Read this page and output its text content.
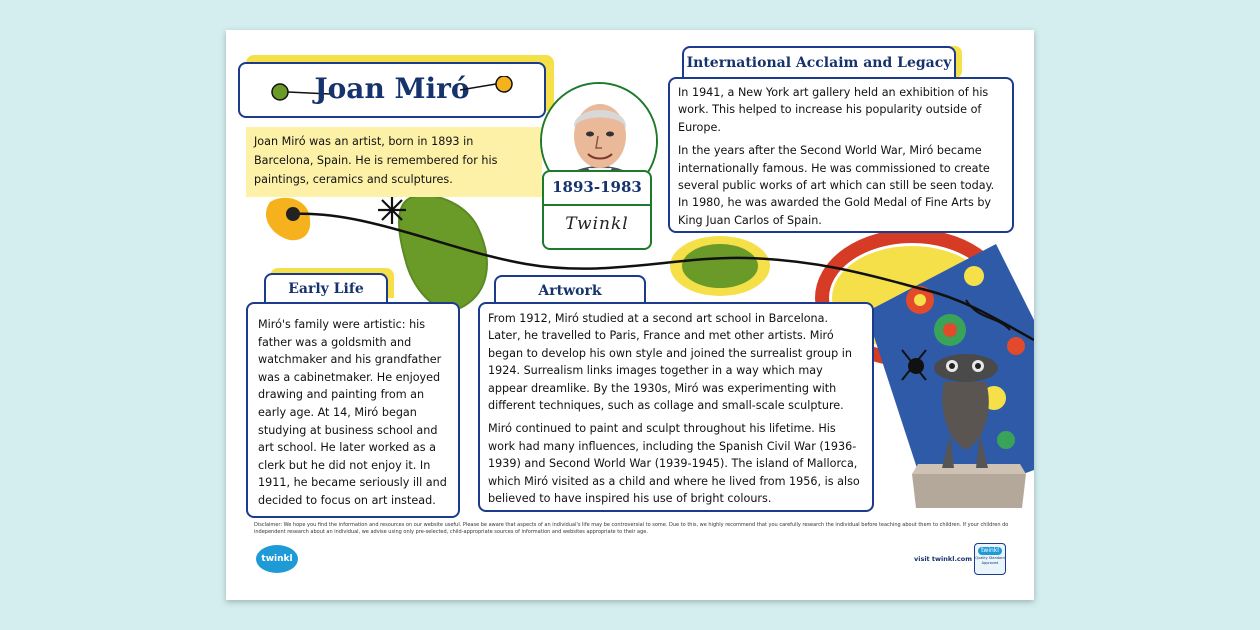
Joan Miró
Joan Miró was an artist, born in 1893 in Barcelona, Spain. He is remembered for his paintings, ceramics and sculptures.	1893-1983
Twinkl
International Acclaim and Legacy

In 1941, a New York art gallery held an exhibition of his work. This helped to increase his popularity outside of Europe.

In the years after the Second World War, Miró became internationally famous. He was commissioned to create several public works of art which can still be seen today. In 1980, he was awarded the Gold Medal of Fine Arts by King Juan Carlos of Spain.

Early Life
Miró's family were artistic: his father was a goldsmith and watchmaker and his grandfather was a cabinetmaker. He enjoyed drawing and painting from an early age. At 14, Miró began studying at business school and art school. He later worked as a clerk but he did not enjoy it. In 1911, he became seriously ill and decided to focus on art instead.
Artwork

From 1912, Miró studied at a second art school in Barcelona. Later, he travelled to Paris, France and met other artists. Miró began to develop his own style and joined the surrealist group in 1924. Surrealism links images together in a way which may appear dreamlike. By the 1930s, Miró was experimenting with different techniques, such as collage and small-scale sculpture.

Miró continued to paint and sculpt throughout his lifetime. His work had many influences, including the Spanish Civil War (1936-1939) and Second World War (1939-1945). The island of Mallorca, which Miró visited as a child and where he lived from 1956, is also believed to have inspired his use of bright colours.

Disclaimer: We hope you find the information and resources on our website useful. Please be aware that aspects of an individual's life may be controversial to some. Due to this, we highly recommend that you carefully research the individual before teaching about them to children. If your children do independent research about an individual, we advise using only pre-selected, child-appropriate sources of information and websites appropriate to their age.
twinkl	visit twinkl.com
twinkl
Quality Standard Approved
